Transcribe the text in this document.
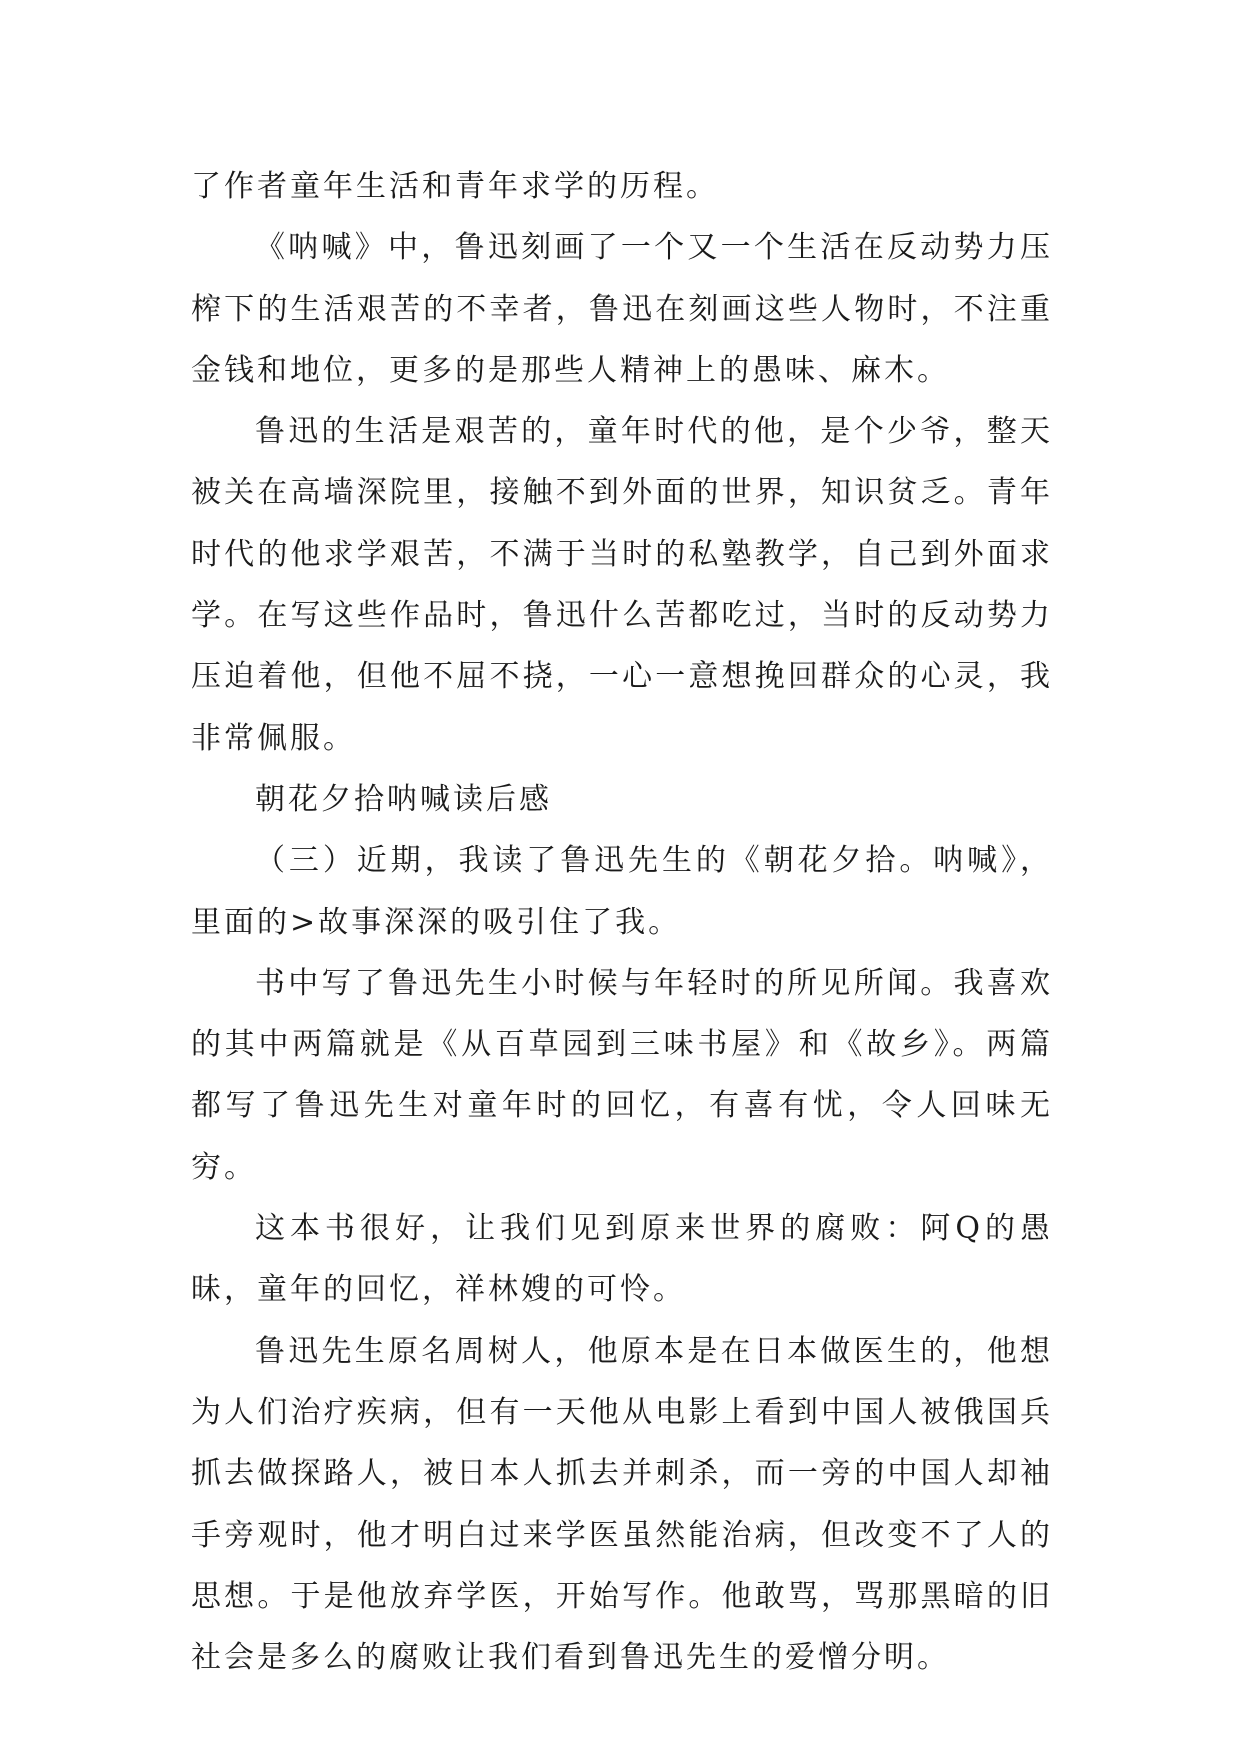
了作者童年生活和青年求学的历程。

《呐喊》中，鲁迅刻画了一个又一个生活在反动势力压榨下的生活艰苦的不幸者，鲁迅在刻画这些人物时，不注重金钱和地位，更多的是那些人精神上的愚味、麻木。

鲁迅的生活是艰苦的，童年时代的他，是个少爷，整天被关在高墙深院里，接触不到外面的世界，知识贫乏。青年时代的他求学艰苦，不满于当时的私塾教学，自己到外面求学。在写这些作品时，鲁迅什么苦都吃过，当时的反动势力压迫着他，但他不屈不挠，一心一意想挽回群众的心灵，我非常佩服。

朝花夕拾呐喊读后感

（三）近期，我读了鲁迅先生的《朝花夕拾。呐喊》，里面的>故事深深的吸引住了我。

书中写了鲁迅先生小时候与年轻时的所见所闻。我喜欢的其中两篇就是《从百草园到三味书屋》和《故乡》。两篇都写了鲁迅先生对童年时的回忆，有喜有忧，令人回味无穷。

这本书很好，让我们见到原来世界的腐败：阿Q的愚昧，童年的回忆，祥林嫂的可怜。

鲁迅先生原名周树人，他原本是在日本做医生的，他想为人们治疗疾病，但有一天他从电影上看到中国人被俄国兵抓去做探路人，被日本人抓去并刺杀，而一旁的中国人却袖手旁观时，他才明白过来学医虽然能治病，但改变不了人的思想。于是他放弃学医，开始写作。他敢骂，骂那黑暗的旧社会是多么的腐败让我们看到鲁迅先生的爱憎分明。
